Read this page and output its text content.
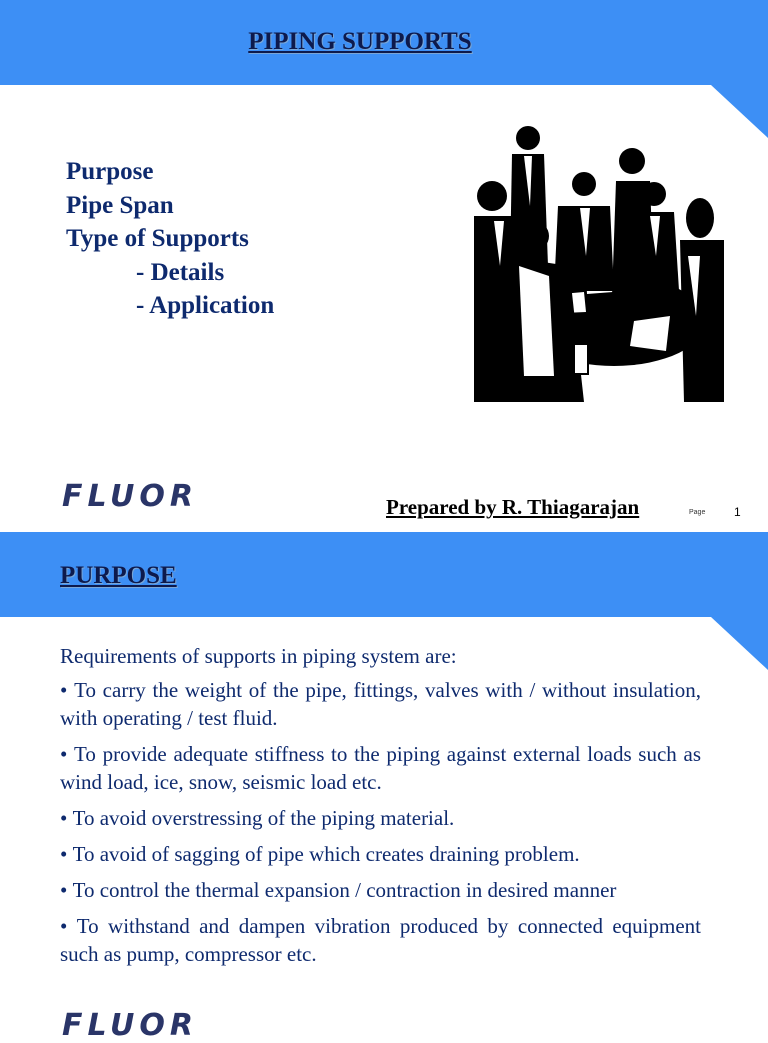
PIPING SUPPORTS
Purpose
Pipe Span
Type of Supports
- Details
- Application
FLUOR	Prepared by R. Thiagarajan	Page 1
PURPOSE

Requirements of supports in piping system are:

• To carry the weight of the pipe, fittings, valves with / without insulation, with operating / test fluid.

• To provide adequate stiffness to the piping against external loads such as wind load, ice, snow, seismic load etc.

• To avoid overstressing of the piping material.

• To avoid of sagging of pipe which creates draining problem.

• To control the thermal expansion / contraction in desired manner

• To withstand and dampen vibration produced by connected equipment such as pump, compressor etc.

FLUOR
